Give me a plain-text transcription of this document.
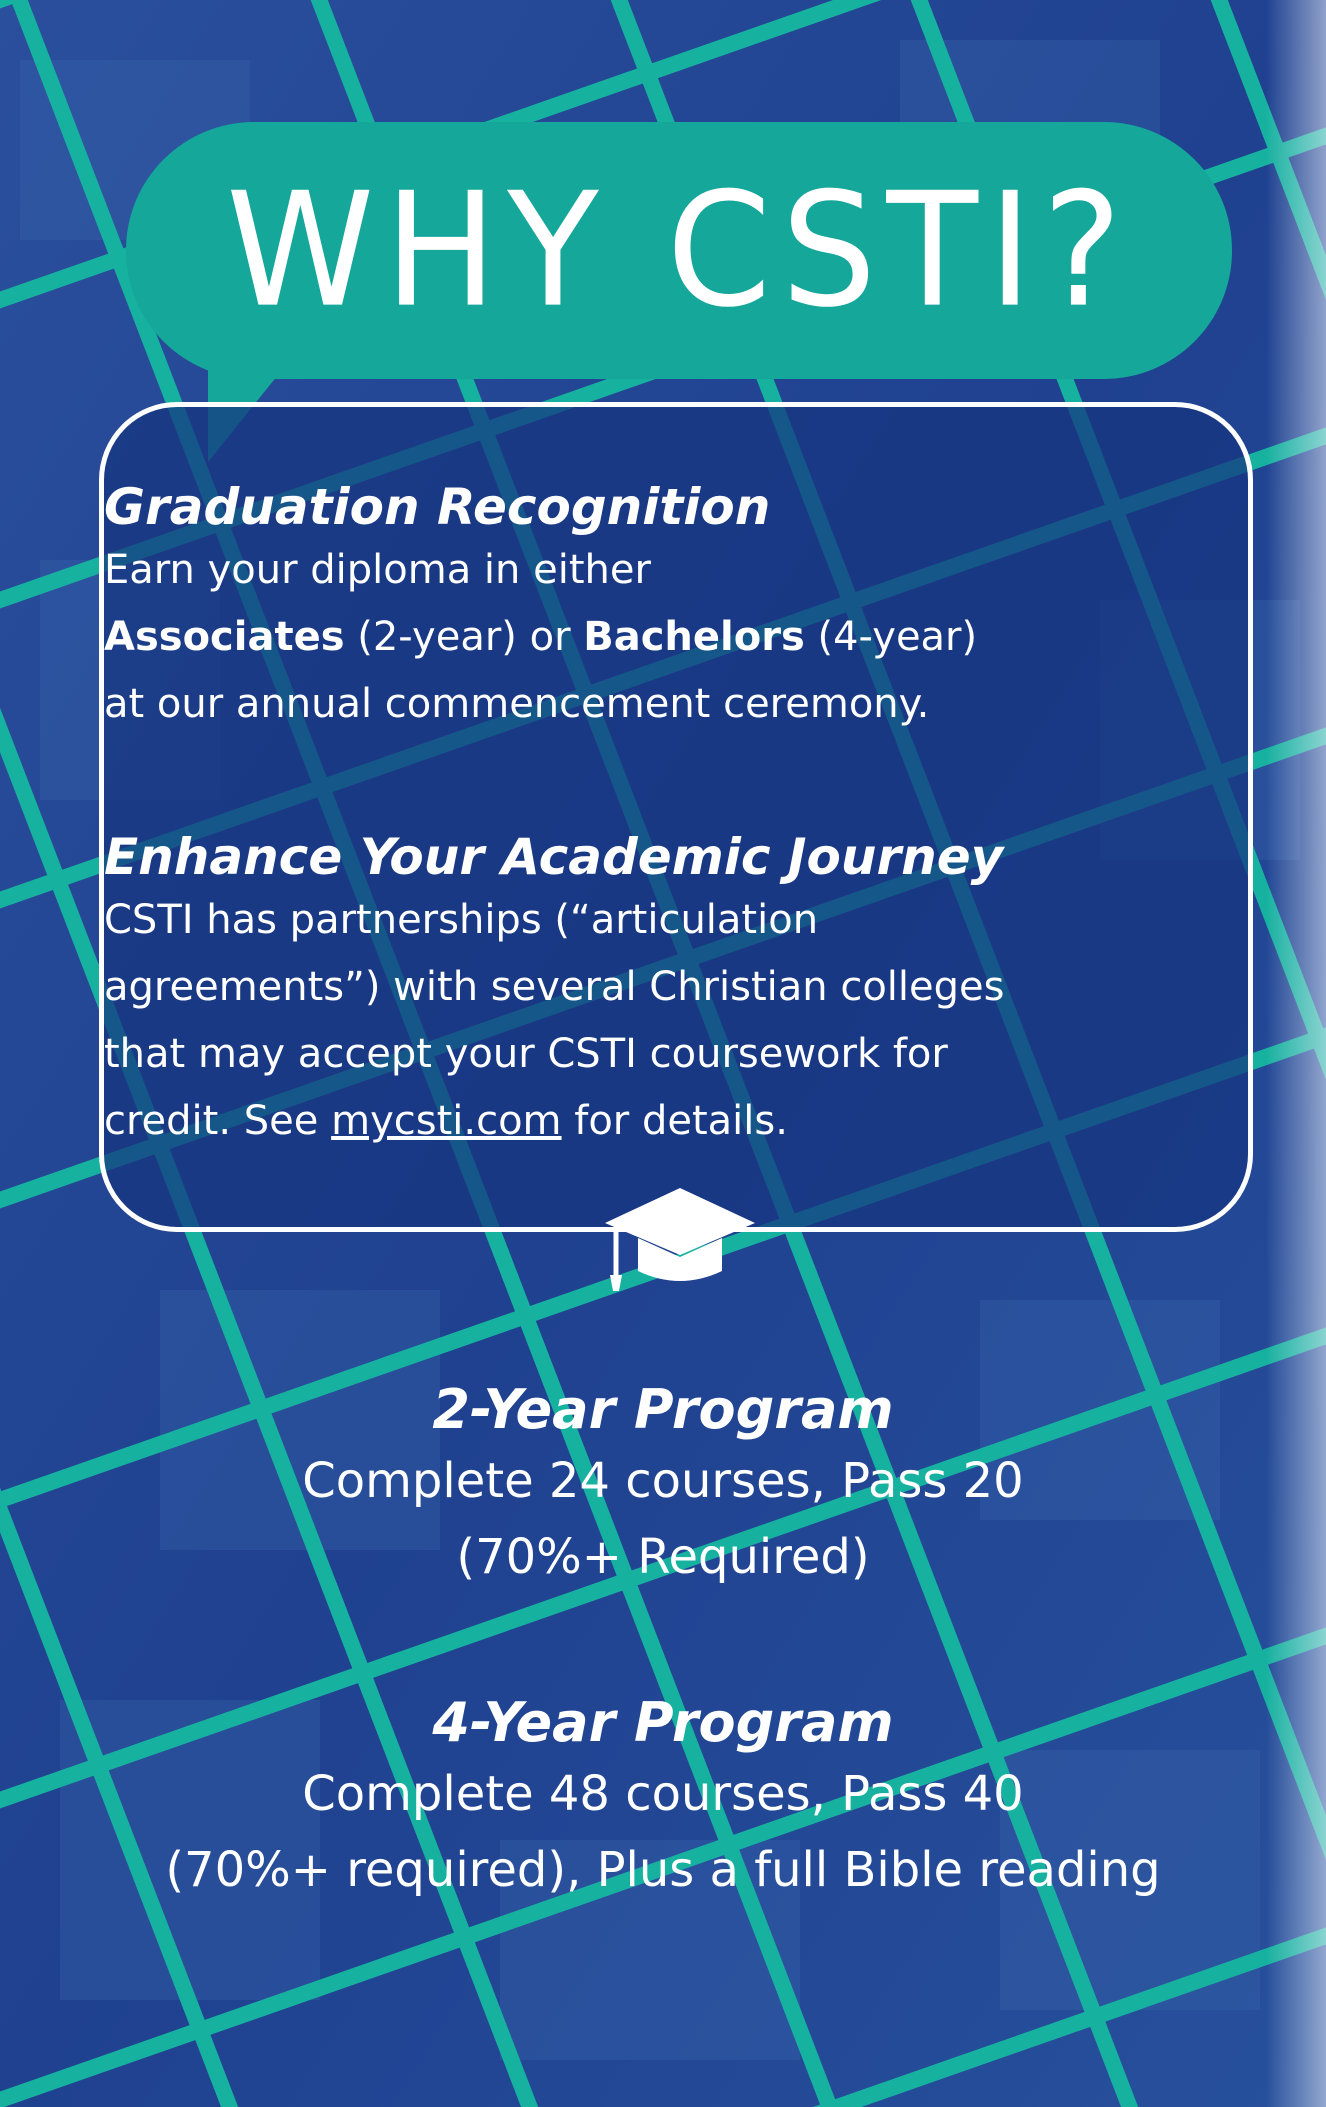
WHY CSTI?

Graduation Recognition

Earn your diploma in either

Associates (2-year) or Bachelors (4-year)

at our annual commencement ceremony.

Enhance Your Academic Journey

CSTI has partnerships (“articulation

agreements”) with several Christian colleges

that may accept your CSTI coursework for

credit. See mycsti.com for details.

2-Year Program

Complete 24 courses, Pass 20

(70%+ Required)

4-Year Program

Complete 48 courses, Pass 40

(70%+ required), Plus a full Bible reading
